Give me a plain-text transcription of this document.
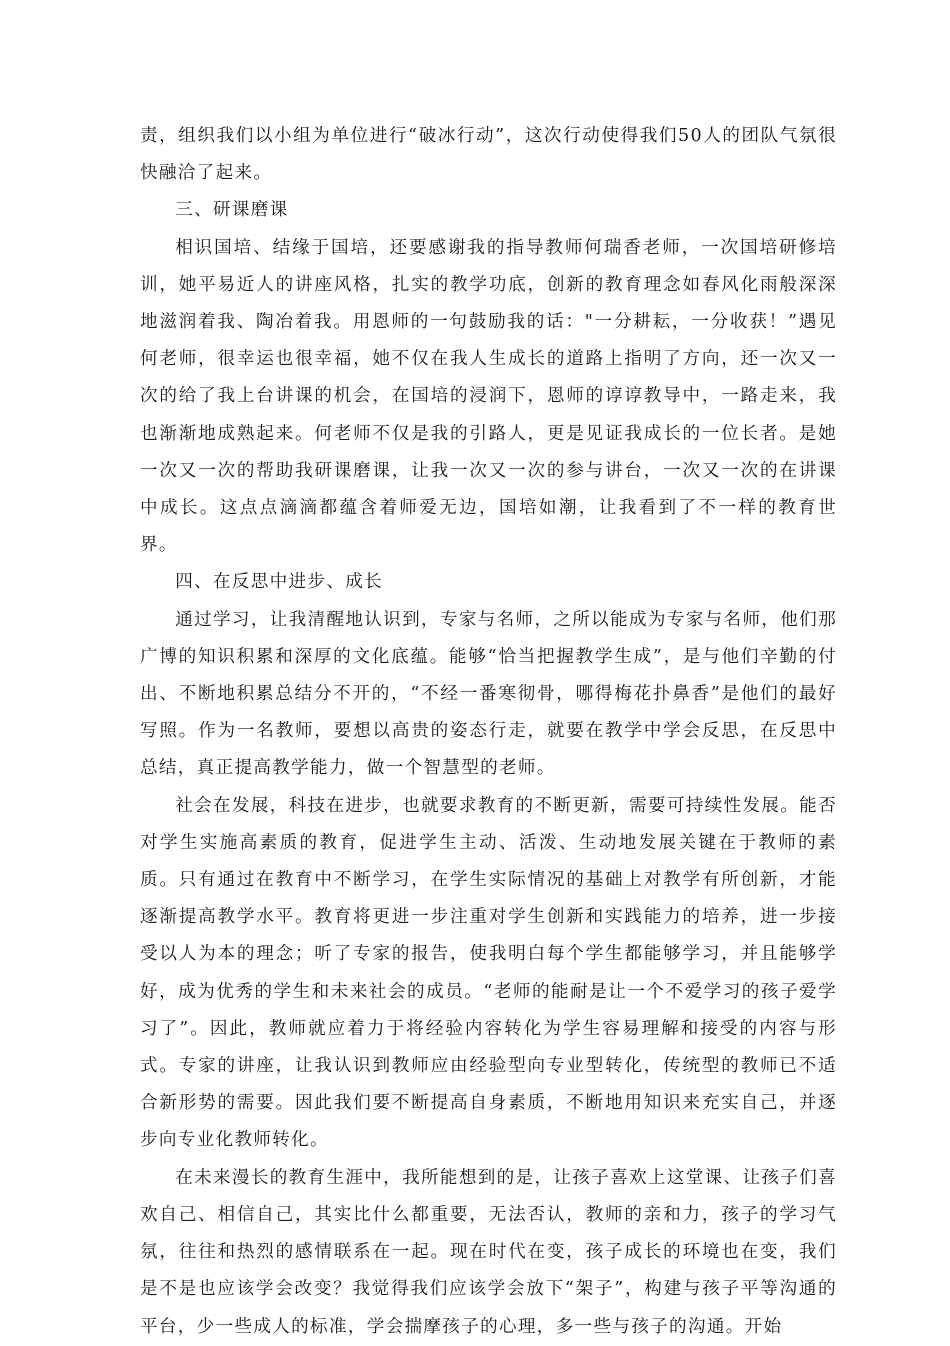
责，组织我们以小组为单位进行“破冰行动”，这次行动使得我们50人的团队气氛很快融洽了起来。

三、研课磨课

相识国培、结缘于国培，还要感谢我的指导教师何瑞香老师，一次国培研修培训，她平易近人的讲座风格，扎实的教学功底，创新的教育理念如春风化雨般深深地滋润着我、陶冶着我。用恩师的一句鼓励我的话："一分耕耘，一分收获！”遇见何老师，很幸运也很幸福，她不仅在我人生成长的道路上指明了方向，还一次又一次的给了我上台讲课的机会，在国培的浸润下，恩师的谆谆教导中，一路走来，我也渐渐地成熟起来。何老师不仅是我的引路人，更是见证我成长的一位长者。是她一次又一次的帮助我研课磨课，让我一次又一次的参与讲台，一次又一次的在讲课中成长。这点点滴滴都蕴含着师爱无边，国培如潮，让我看到了不一样的教育世界。

四、在反思中进步、成长

通过学习，让我清醒地认识到，专家与名师，之所以能成为专家与名师，他们那广博的知识积累和深厚的文化底蕴。能够“恰当把握教学生成”，是与他们辛勤的付出、不断地积累总结分不开的，“不经一番寒彻骨，哪得梅花扑鼻香”是他们的最好写照。作为一名教师，要想以高贵的姿态行走，就要在教学中学会反思，在反思中总结，真正提高教学能力，做一个智慧型的老师。

社会在发展，科技在进步，也就要求教育的不断更新，需要可持续性发展。能否对学生实施高素质的教育，促进学生主动、活泼、生动地发展关键在于教师的素质。只有通过在教育中不断学习，在学生实际情况的基础上对教学有所创新，才能逐渐提高教学水平。教育将更进一步注重对学生创新和实践能力的培养，进一步接受以人为本的理念；听了专家的报告，使我明白每个学生都能够学习，并且能够学好，成为优秀的学生和未来社会的成员。“老师的能耐是让一个不爱学习的孩子爱学习了”。因此，教师就应着力于将经验内容转化为学生容易理解和接受的内容与形式。专家的讲座，让我认识到教师应由经验型向专业型转化，传统型的教师已不适合新形势的需要。因此我们要不断提高自身素质，不断地用知识来充实自己，并逐步向专业化教师转化。

在未来漫长的教育生涯中，我所能想到的是，让孩子喜欢上这堂课、让孩子们喜欢自己、相信自己，其实比什么都重要，无法否认，教师的亲和力，孩子的学习气氛，往往和热烈的感情联系在一起。现在时代在变，孩子成长的环境也在变，我们是不是也应该学会改变？我觉得我们应该学会放下“架子”，构建与孩子平等沟通的平台，少一些成人的标准，学会揣摩孩子的心理，多一些与孩子的沟通。开始
